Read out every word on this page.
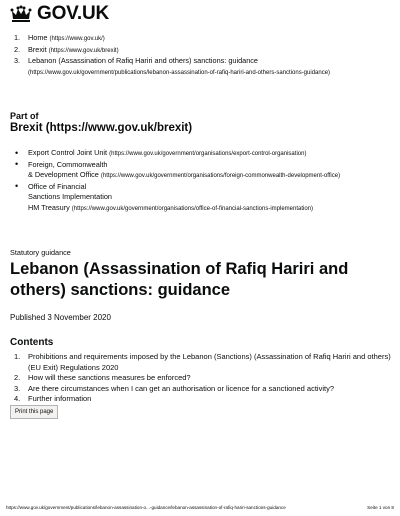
GOV.UK
1. Home (https://www.gov.uk/)
2. Brexit (https://www.gov.uk/brexit)
3. Lebanon (Assassination of Rafiq Hariri and others) sanctions: guidance
(https://www.gov.uk/government/publications/lebanon-assassination-of-rafiq-hariri-and-others-sanctions-guidance)
Part of
Brexit (https://www.gov.uk/brexit)
• Export Control Joint Unit (https://www.gov.uk/government/organisations/export-control-organisation)
• Foreign, Commonwealth
& Development Office (https://www.gov.uk/government/organisations/foreign-commonwealth-development-office)
• Office of Financial
Sanctions Implementation
HM Treasury (https://www.gov.uk/government/organisations/office-of-financial-sanctions-implementation)
Statutory guidance
Lebanon (Assassination of Rafiq Hariri and others) sanctions: guidance
Published 3 November 2020
Contents
1. Prohibitions and requirements imposed by the Lebanon (Sanctions) (Assassination of Rafiq Hariri and others) (EU Exit) Regulations 2020
2. How will these sanctions measures be enforced?
3. Are there circumstances when I can get an authorisation or licence for a sanctioned activity?
4. Further information
Print this page
https://www.gov.uk/government/publications/lebanon-assassination-o...-guidance/lebanon-assassination-of-rafiq-hariri-sanctions-guidance	Seite 1 von 8
